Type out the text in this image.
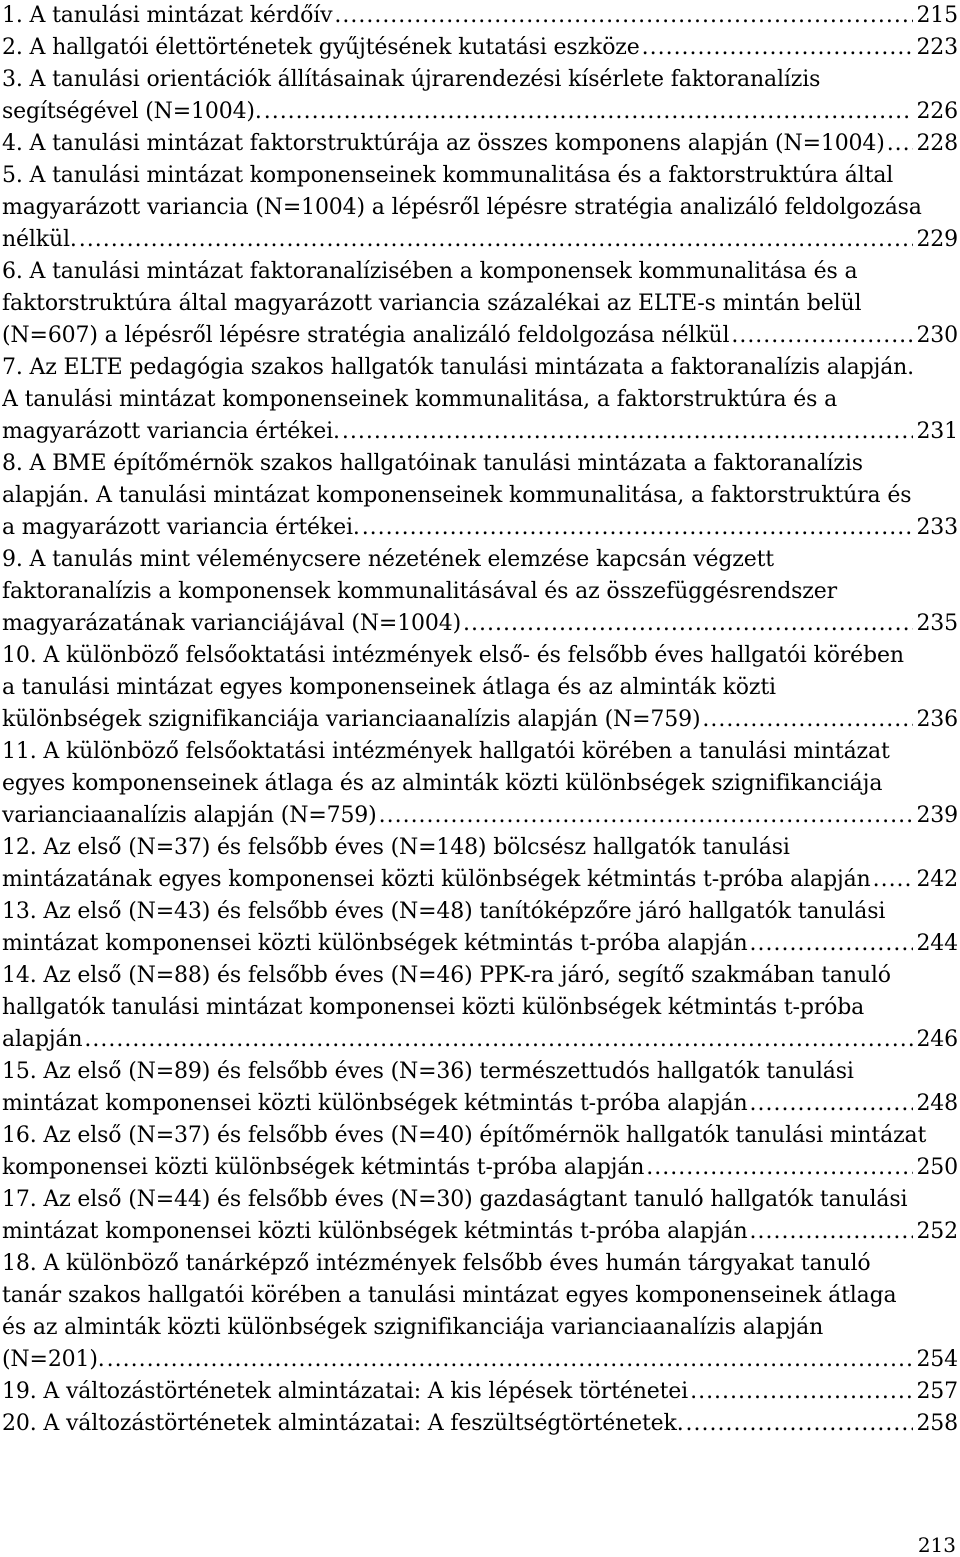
1. A tanulási mintázat kérdőív .....	215
2. A hallgatói élettörténetek gyűjtésének kutatási eszköze .....	223
3. A tanulási orientációk állításainak újrarendezési kísérlete faktoranalízis
segítségével (N=1004). .....	226
4. A tanulási mintázat faktorstruktúrája az összes komponens alapján (N=1004) ..... 228
5. A tanulási mintázat komponenseinek kommunalitása és a faktorstruktúra által
magyarázott variancia (N=1004) a lépésről lépésre stratégia analizáló feldolgozása
nélkül. .....	229
6. A tanulási mintázat faktoranalízisében a komponensek kommunalitása és a
faktorstruktúra által magyarázott variancia százalékai az ELTE-s mintán belül
(N=607) a lépésről lépésre stratégia analizáló feldolgozása nélkül .....	230
7. Az ELTE pedagógia szakos hallgatók tanulási mintázata a faktoranalízis alapján.
A tanulási mintázat komponenseinek kommunalitása, a faktorstruktúra és a
magyarázott variancia értékei. .....	231
8. A BME építőmérnök szakos hallgatóinak tanulási mintázata a faktoranalízis
alapján. A tanulási mintázat komponenseinek kommunalitása, a faktorstruktúra és
a magyarázott variancia értékei. .....	233
9. A tanulás mint véleménycsere nézetének elemzése kapcsán végzett
faktoranalízis a komponensek kommunalitásával és az összefüggésrendszer
magyarázatának varianciájával (N=1004) .....	235
10. A különböző felsőoktatási intézmények első- és felsőbb éves hallgatói körében
a tanulási mintázat egyes komponenseinek átlaga és az alminták közti
különbségek szignifikanciája varianciaanalízis alapján (N=759) .....	236
11. A különböző felsőoktatási intézmények hallgatói körében a tanulási mintázat
egyes komponenseinek átlaga és az alminták közti különbségek szignifikanciája
varianciaanalízis alapján (N=759) .....	239
12. Az első (N=37) és felsőbb éves (N=148) bölcsész hallgatók tanulási
mintázatának egyes komponensei közti különbségek kétmintás t-próba alapján ..... 242
13. Az első (N=43) és felsőbb éves (N=48) tanítóképzőre járó hallgatók tanulási
mintázat komponensei közti különbségek kétmintás t-próba alapján .....	244
14. Az első (N=88) és felsőbb éves (N=46) PPK-ra járó, segítő szakmában tanuló
hallgatók tanulási mintázat komponensei közti különbségek kétmintás t-próba
alapján .....	246
15. Az első (N=89) és felsőbb éves (N=36) természettudós hallgatók tanulási
mintázat komponensei közti különbségek kétmintás t-próba alapján .....	248
16. Az első (N=37) és felsőbb éves (N=40) építőmérnök hallgatók tanulási mintázat
komponensei közti különbségek kétmintás t-próba alapján .....	250
17. Az első (N=44) és felsőbb éves (N=30) gazdaságtant tanuló hallgatók tanulási
mintázat komponensei közti különbségek kétmintás t-próba alapján .....	252
18. A különböző tanárképző intézmények felsőbb éves humán tárgyakat tanuló
tanár szakos hallgatói körében a tanulási mintázat egyes komponenseinek átlaga
és az alminták közti különbségek szignifikanciája varianciaanalízis alapján
(N=201). .....	254
19. A változástörténetek almintázatai: A kis lépések történetei .....	257
20. A változástörténetek almintázatai: A feszültségtörténetek. .....	258
213
